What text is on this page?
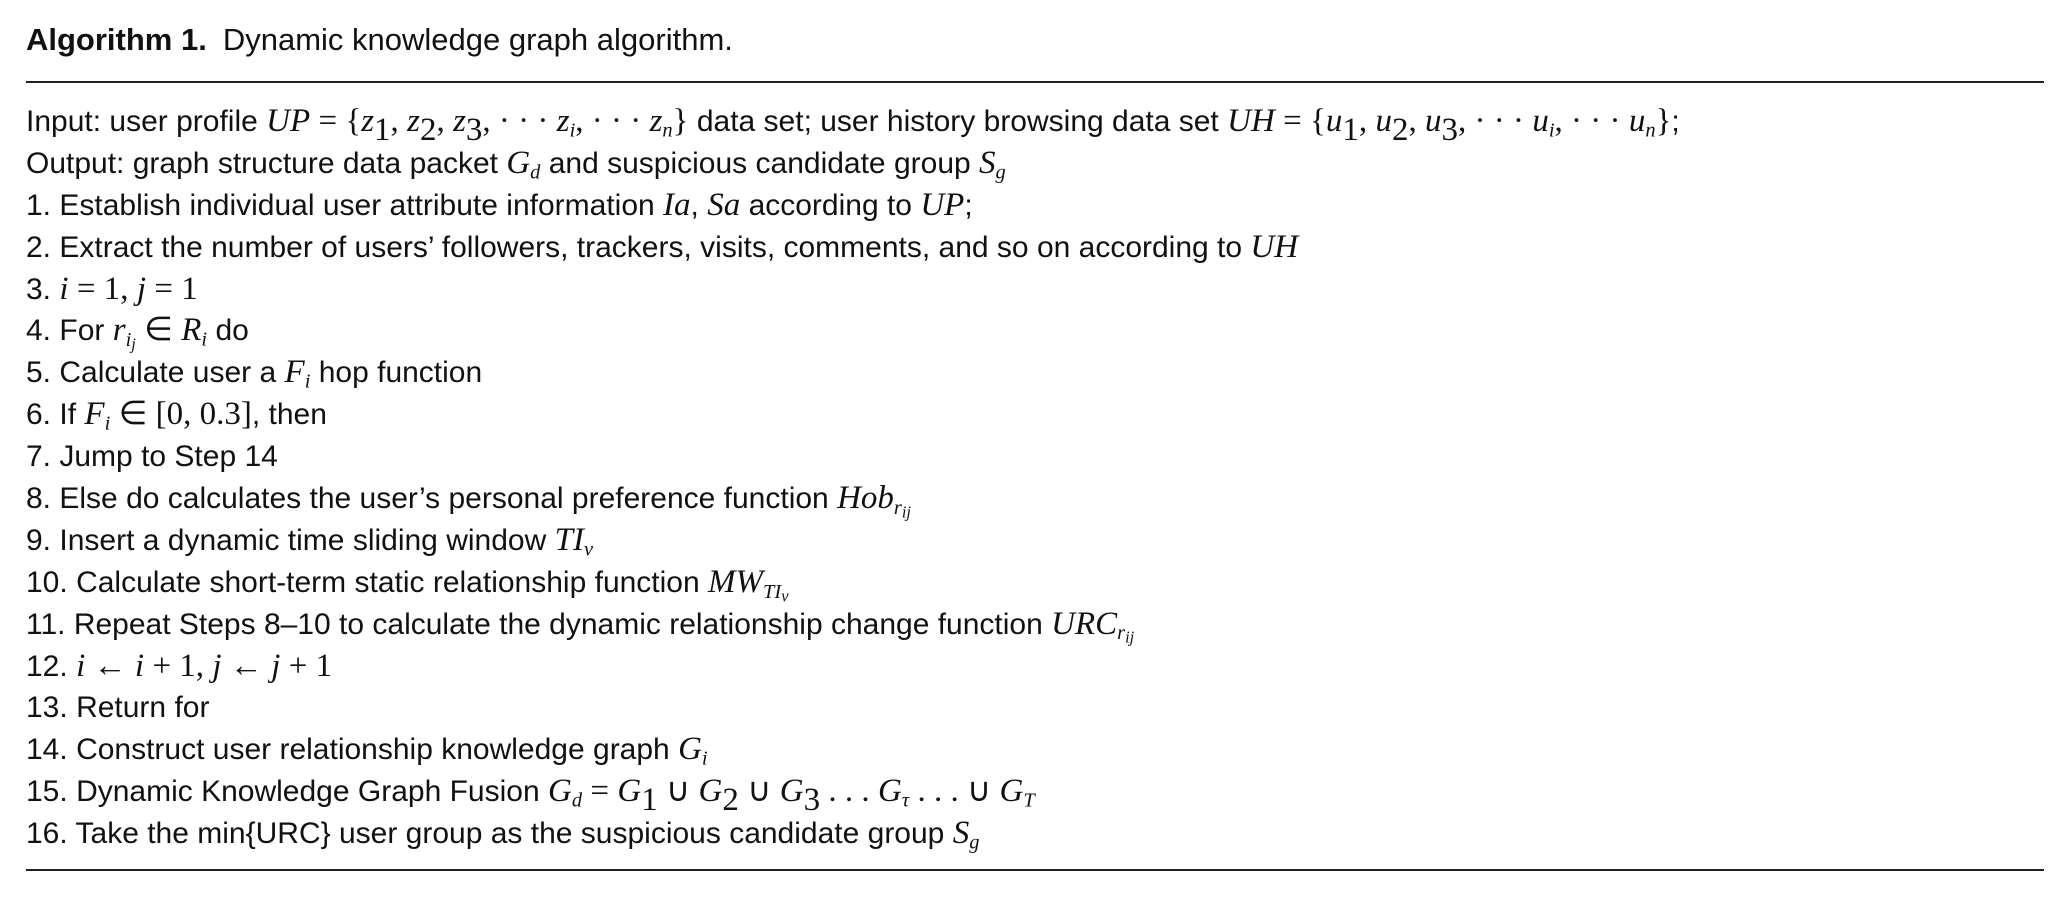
Algorithm 1. Dynamic knowledge graph algorithm.
Input: user profile UP = {$z_1$, $z_2$, $z_3$, · · · $z_i$, · · · $z_n$} data set; user history browsing data set UH = {$u_1$, $u_2$, $u_3$, · · · $u_i$, · · · $u_n$};
Output: graph structure data packet $G_d$ and suspicious candidate group $S_g$
1. Establish individual user attribute information Ia, Sa according to UP;
2. Extract the number of users’ followers, trackers, visits, comments, and so on according to UH
3. i = 1, j = 1
4. For $r_{i_j}$ ∈ $R_i$ do
5. Calculate user a $F_i$ hop function
6. If $F_i$ ∈ [0, 0.3], then
7. Jump to Step 14
8. Else do calculates the user’s personal preference function Hob$_{r_{ij}}$
9. Insert a dynamic time sliding window $TI_v$
10. Calculate short-term static relationship function $MW_{TI_v}$
11. Repeat Steps 8–10 to calculate the dynamic relationship change function $URC_{r_{ij}}$
12. i ← i + 1, j ← j + 1
13. Return for
14. Construct user relationship knowledge graph $G_i$
15. Dynamic Knowledge Graph Fusion $G_d = G_1$ ∪ $G_2$ ∪ $G_3$ . . . $G_\tau$ . . . ∪ $G_T$
16. Take the min{URC} user group as the suspicious candidate group $S_g$
